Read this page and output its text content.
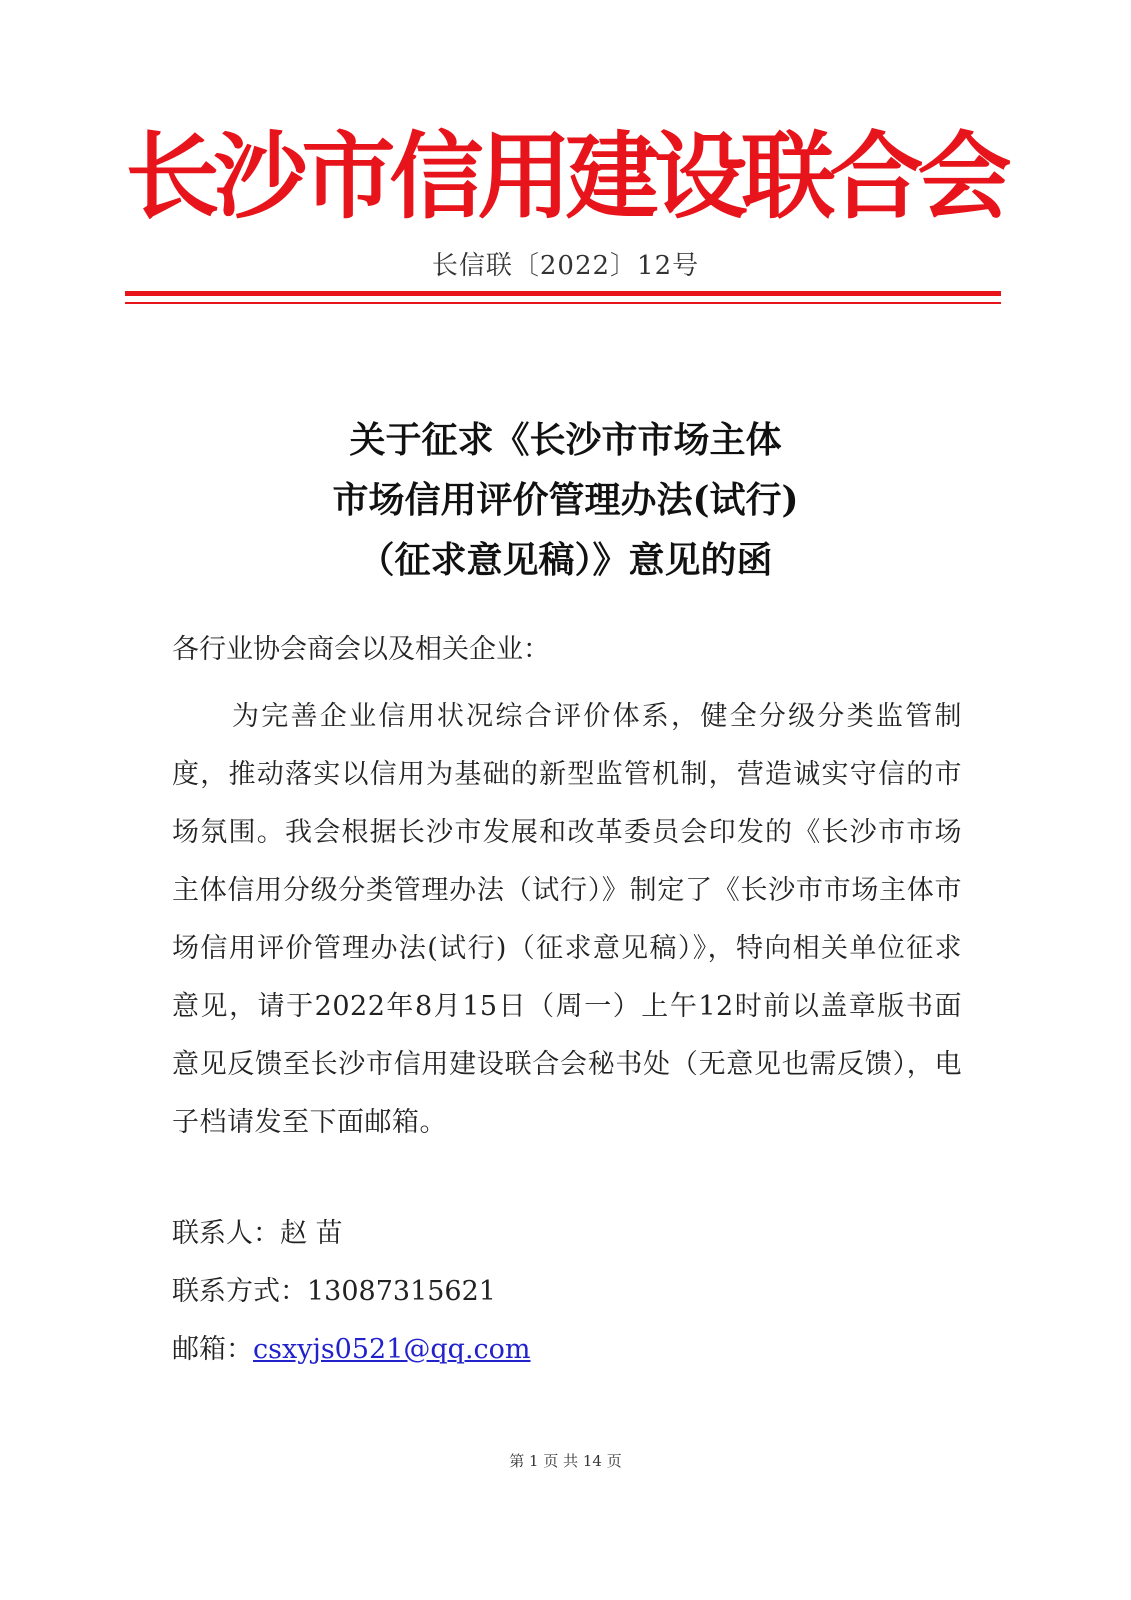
长沙市信用建设联合会
长信联〔2022〕12号
关于征求《长沙市市场主体
市场信用评价管理办法(试行)
（征求意见稿）》意见的函
各行业协会商会以及相关企业：
为完善企业信用状况综合评价体系，健全分级分类监管制度，推动落实以信用为基础的新型监管机制，营造诚实守信的市场氛围。我会根据长沙市发展和改革委员会印发的《长沙市市场主体信用分级分类管理办法（试行）》制定了《长沙市市场主体市场信用评价管理办法(试行)（征求意见稿）》，特向相关单位征求意见，请于2022年8月15日（周一）上午12时前以盖章版书面意见反馈至长沙市信用建设联合会秘书处（无意见也需反馈），电子档请发至下面邮箱。
联系人：赵 苗
联系方式：13087315621
邮箱：csxyjs0521@qq.com
第 1 页 共 14 页
